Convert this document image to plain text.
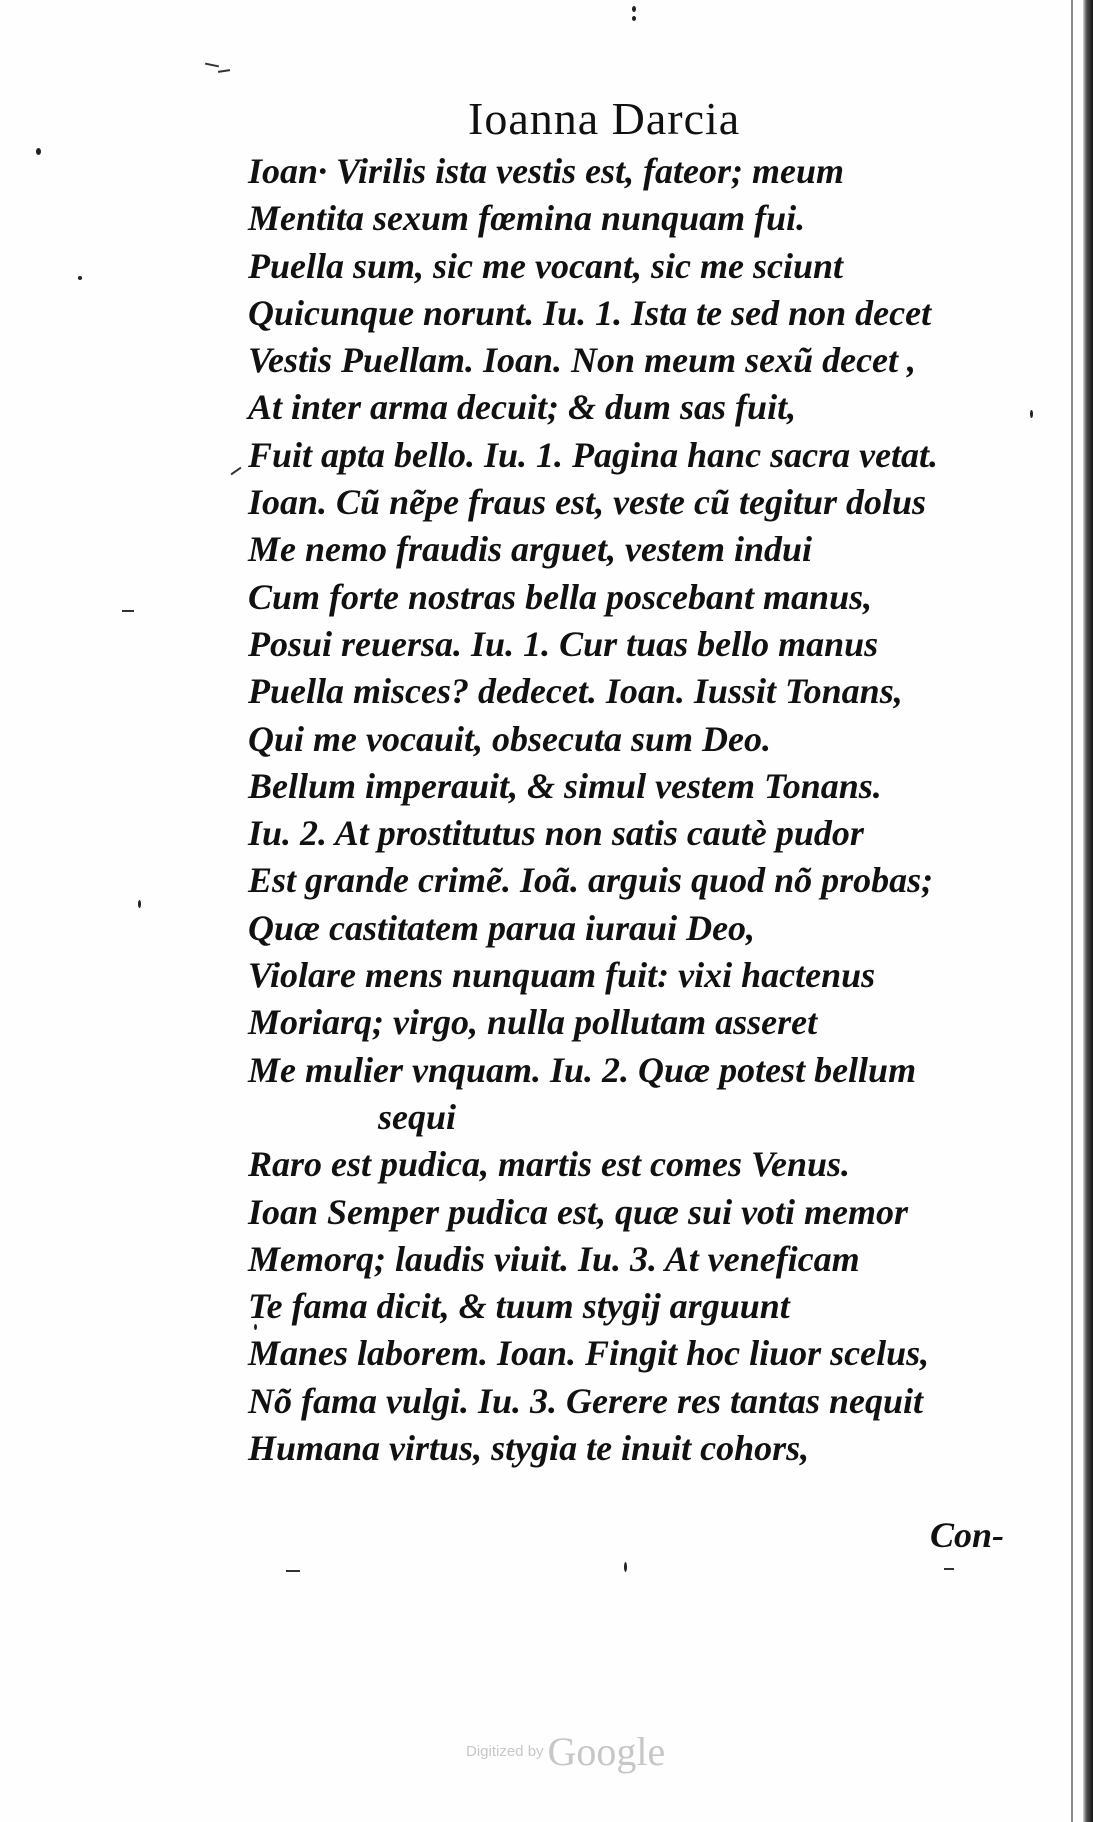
Ioanna Darcia
Ioan· Virilis ista vestis est, fateor; meum
Mentita sexum fœmina nunquam fui.
Puella sum, sic me vocant, sic me sciunt
Quicunque norunt. Iu. 1. Ista te sed non decet
Vestis Puellam. Ioan. Non meum sexũ decet ,
At inter arma decuit; & dum sas fuit,
Fuit apta bello. Iu. 1. Pagina hanc sacra vetat.
Ioan. Cũ nẽpe fraus est, veste cũ tegitur dolus
Me nemo fraudis arguet, vestem indui
Cum forte nostras bella poscebant manus,
Posui reuersa. Iu. 1. Cur tuas bello manus
Puella misces? dedecet. Ioan. Iussit Tonans,
Qui me vocauit, obsecuta sum Deo.
Bellum imperauit, & simul vestem Tonans.
Iu. 2. At prostitutus non satis cautè pudor
Est grande crimẽ. Ioã. arguis quod nõ probas;
Quæ castitatem parua iuraui Deo,
Violare mens nunquam fuit: vixi hactenus
Moriarq; virgo, nulla pollutam asseret
Me mulier vnquam. Iu. 2. Quæ potest bellum
sequi
Raro est pudica, martis est comes Venus.
Ioan Semper pudica est, quæ sui voti memor
Memorq; laudis viuit. Iu. 3. At veneficam
Te fama dicit, & tuum stygij arguunt
Manes laborem. Ioan. Fingit hoc liuor scelus,
Nõ fama vulgi. Iu. 3. Gerere res tantas nequit
Humana virtus, stygia te inuit cohors,
Con-
Digitized by Google
